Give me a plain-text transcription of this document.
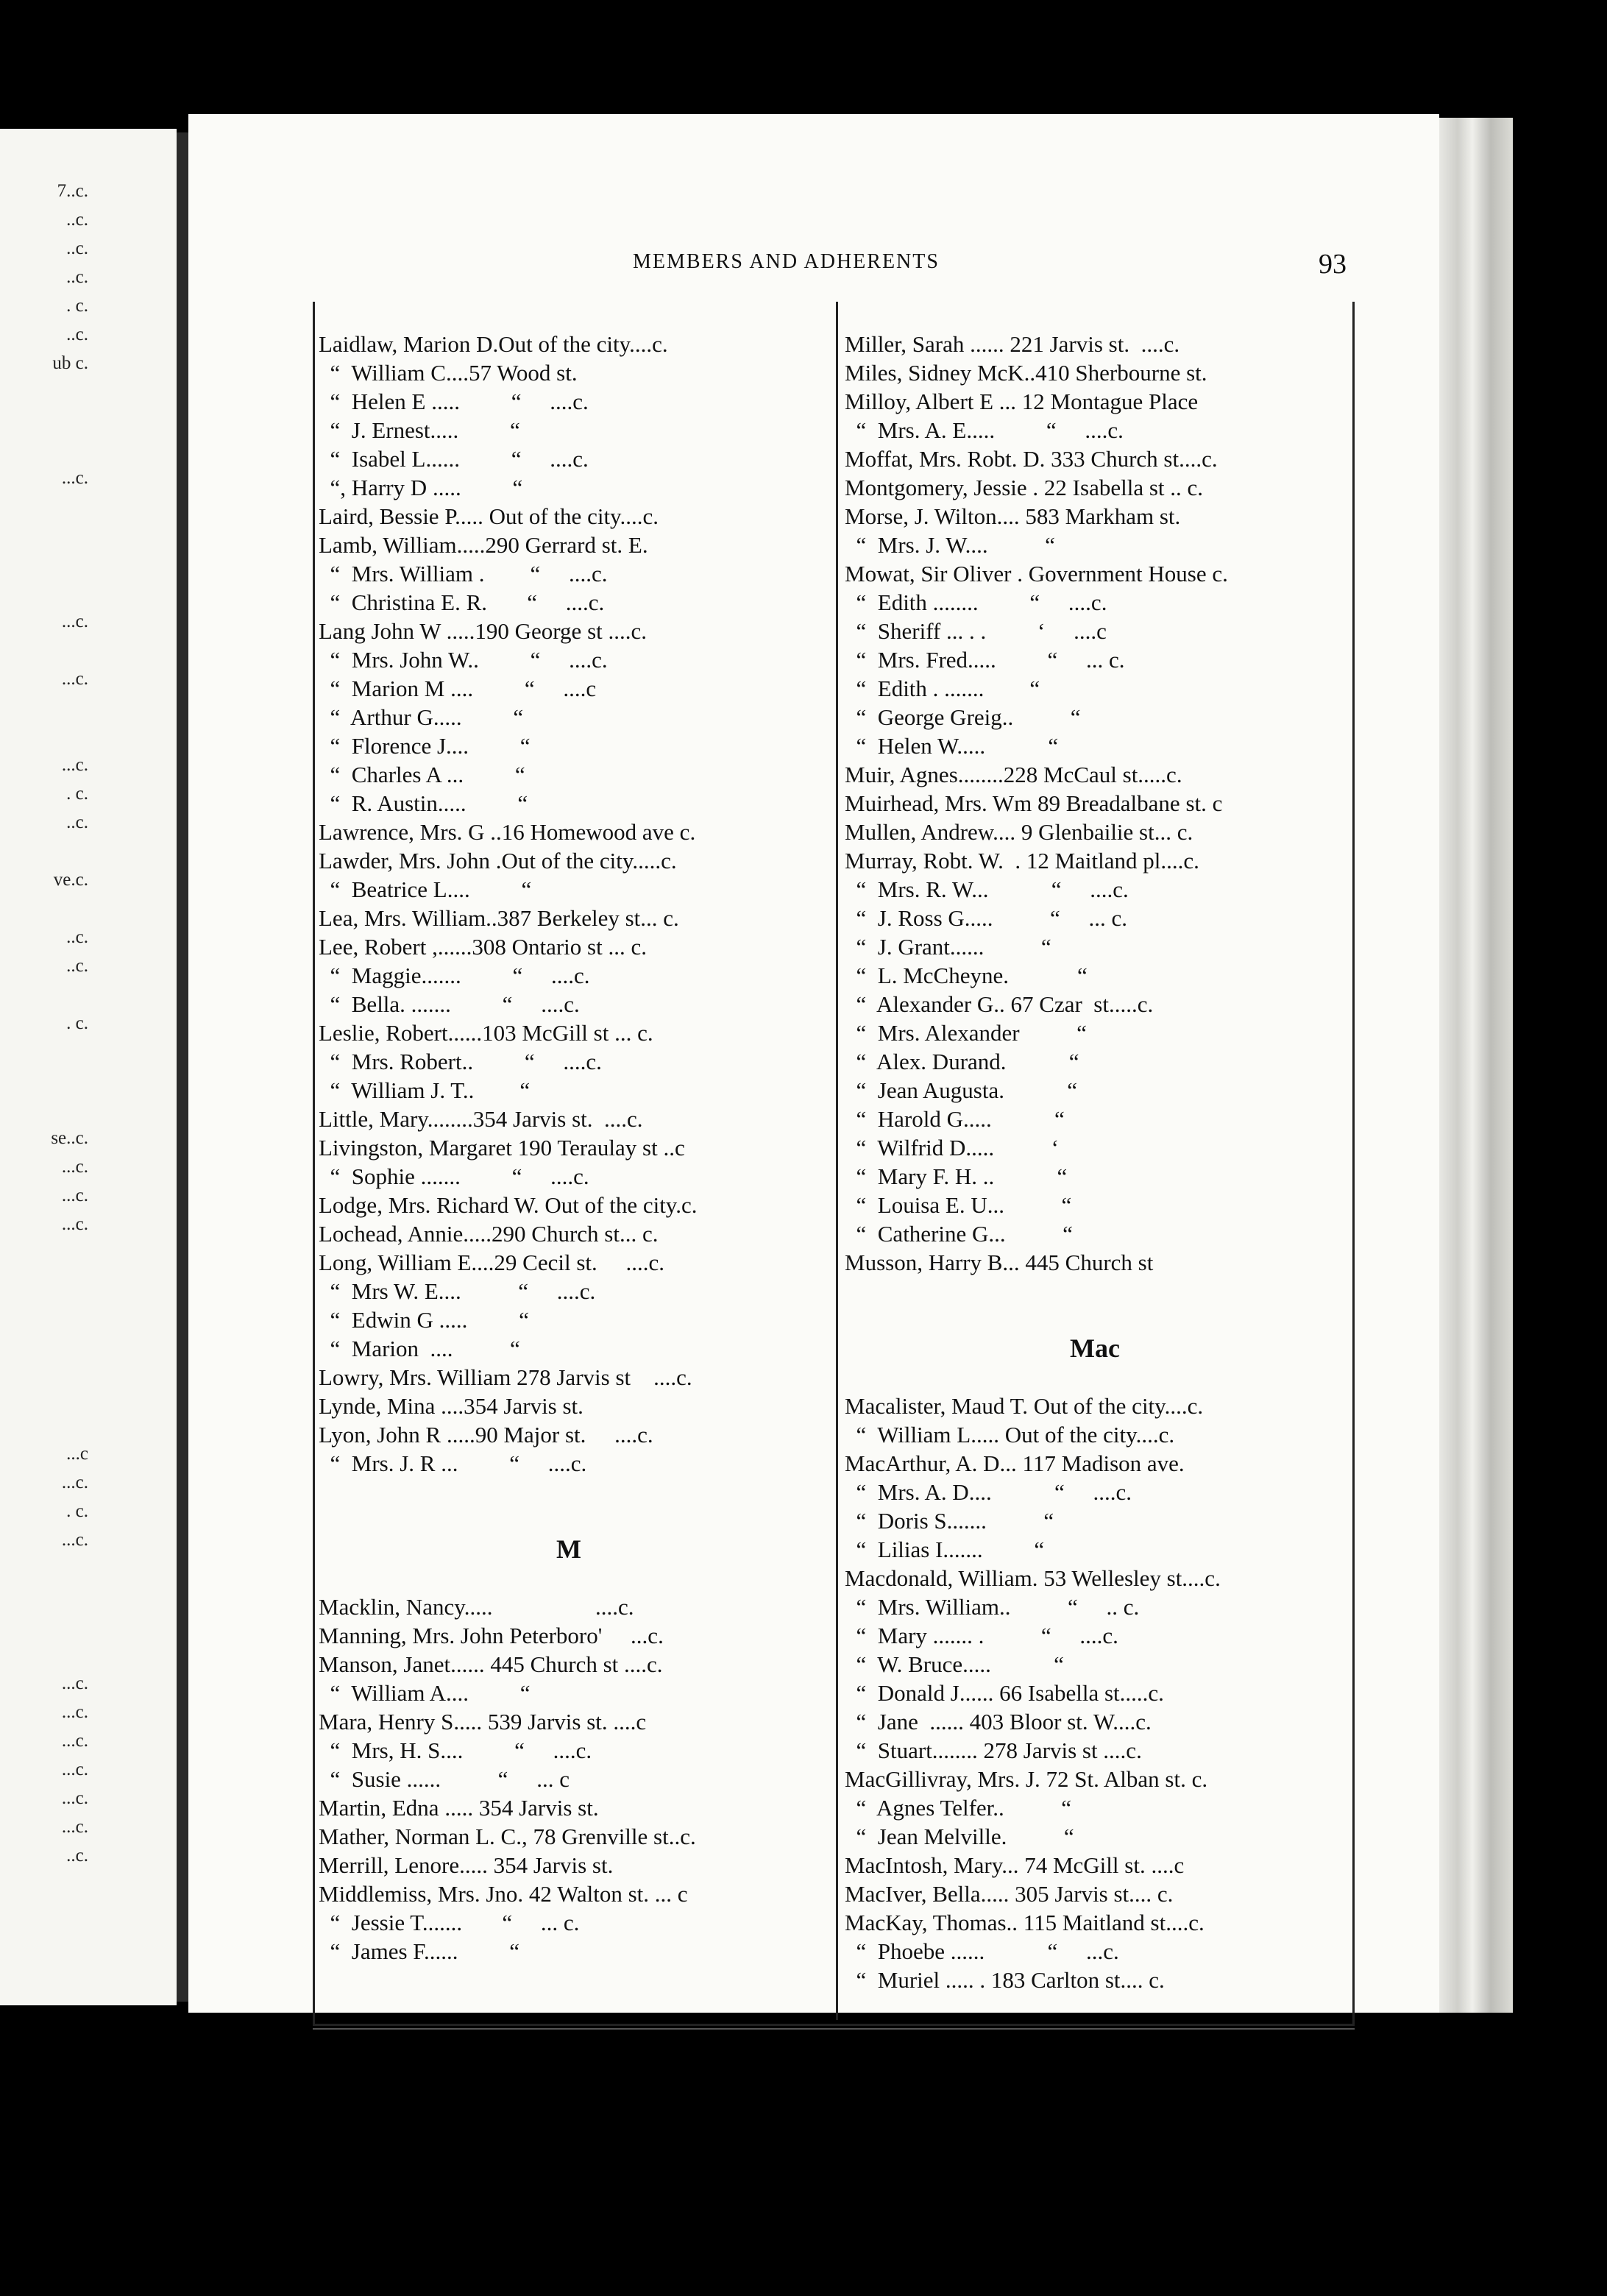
7..c.
..c.
..c.
..c.
. c.
..c.
ub c.
...c.
...c.
...c.
...c.
. c.
..c.
ve.c.
..c.
..c.
. c.
se..c.
...c.
...c.
...c.
...c
...c.
. c.
...c.
...c.
...c.
...c.
...c.
...c.
...c.
..c.
MEMBERS AND ADHERENTS	93
Laidlaw, Marion D.Out of the city....c.
“  William C....57 Wood st.
“  Helen E .....         “     ....c.
“  J. Ernest.....         “
“  Isabel L......         “     ....c.
“, Harry D .....         “
Laird, Bessie P..... Out of the city....c.
Lamb, William.....290 Gerrard st. E.
“  Mrs. William .        “     ....c.
“  Christina E. R.       “     ....c.
Lang John W .....190 George st ....c.
“  Mrs. John W..         “     ....c.
“  Marion M ....         “     ....c
“  Arthur G.....         “
“  Florence J....         “
“  Charles A ...         “
“  R. Austin.....         “
Lawrence, Mrs. G ..16 Homewood ave c.
Lawder, Mrs. John .Out of the city.....c.
“  Beatrice L....         “
Lea, Mrs. William..387 Berkeley st... c.
Lee, Robert ,......308 Ontario st ... c.
“  Maggie.......         “     ....c.
“  Bella. .......         “     ....c.
Leslie, Robert......103 McGill st ... c.
“  Mrs. Robert..         “     ....c.
“  William J. T..        “
Little, Mary........354 Jarvis st.  ....c.
Livingston, Margaret 190 Teraulay st ..c
“  Sophie .......         “     ....c.
Lodge, Mrs. Richard W. Out of the city.c.
Lochead, Annie.....290 Church st... c.
Long, William E....29 Cecil st.     ....c.
“  Mrs W. E....          “     ....c.
“  Edwin G .....         “
“  Marion  ....          “
Lowry, Mrs. William 278 Jarvis st    ....c.
Lynde, Mina ....354 Jarvis st.
Lyon, John R .....90 Major st.     ....c.
“  Mrs. J. R ...         “     ....c.
M
Macklin, Nancy.....                  ....c.
Manning, Mrs. John Peterboro'     ...c.
Manson, Janet...... 445 Church st ....c.
“  William A....         “
Mara, Henry S..... 539 Jarvis st. ....c
“  Mrs, H. S....         “     ....c.
“  Susie ......          “     ... c
Martin, Edna ..... 354 Jarvis st.
Mather, Norman L. C., 78 Grenville st..c.
Merrill, Lenore..... 354 Jarvis st.
Middlemiss, Mrs. Jno. 42 Walton st. ... c
“  Jessie T.......       “     ... c.
“  James F......         “
Miller, Sarah ...... 221 Jarvis st.  ....c.
Miles, Sidney McK..410 Sherbourne st.
Milloy, Albert E ... 12 Montague Place
“  Mrs. A. E.....         “     ....c.
Moffat, Mrs. Robt. D. 333 Church st....c.
Montgomery, Jessie . 22 Isabella st .. c.
Morse, J. Wilton.... 583 Markham st.
“  Mrs. J. W....          “
Mowat, Sir Oliver . Government House c.
“  Edith ........         “     ....c.
“  Sheriff ... . .         ‘     ....c
“  Mrs. Fred.....         “     ... c.
“  Edith . .......        “
“  George Greig..          “
“  Helen W.....           “
Muir, Agnes........228 McCaul st.....c.
Muirhead, Mrs. Wm 89 Breadalbane st. c
Mullen, Andrew.... 9 Glenbailie st... c.
Murray, Robt. W.  . 12 Maitland pl....c.
“  Mrs. R. W...           “     ....c.
“  J. Ross G.....          “     ... c.
“  J. Grant......          “
“  L. McCheyne.            “
“  Alexander G.. 67 Czar  st.....c.
“  Mrs. Alexander          “
“  Alex. Durand.           “
“  Jean Augusta.           “
“  Harold G.....           “
“  Wilfrid D.....          ‘
“  Mary F. H. ..           “
“  Louisa E. U...          “
“  Catherine G...          “
Musson, Harry B... 445 Church st
Mac
Macalister, Maud T. Out of the city....c.
“  William L..... Out of the city....c.
MacArthur, A. D... 117 Madison ave.
“  Mrs. A. D....           “     ....c.
“  Doris S.......          “
“  Lilias I.......         “
Macdonald, William. 53 Wellesley st....c.
“  Mrs. William..          “     .. c.
“  Mary ....... .          “     ....c.
“  W. Bruce.....           “
“  Donald J...... 66 Isabella st.....c.
“  Jane  ...... 403 Bloor st. W....c.
“  Stuart........ 278 Jarvis st ....c.
MacGillivray, Mrs. J. 72 St. Alban st. c.
“  Agnes Telfer..          “
“  Jean Melville.          “
MacIntosh, Mary... 74 McGill st. ....c
MacIver, Bella..... 305 Jarvis st.... c.
MacKay, Thomas.. 115 Maitland st....c.
“  Phoebe ......           “     ...c.
“  Muriel ..... . 183 Carlton st.... c.
